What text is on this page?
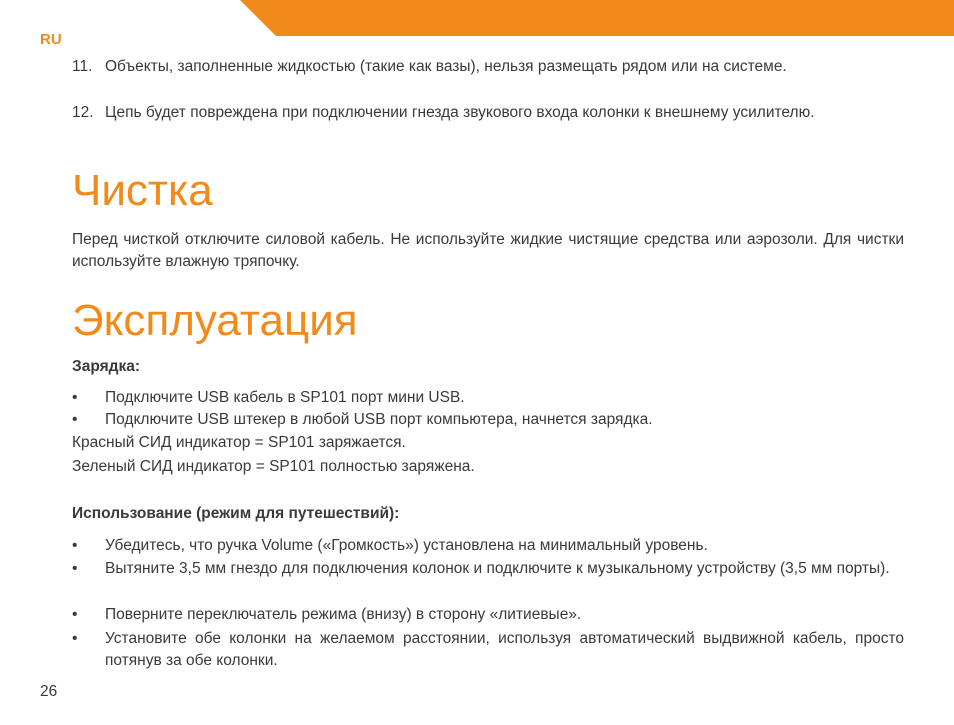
RU
11. Объекты, заполненные жидкостью (такие как вазы), нельзя размещать рядом или на системе.
12. Цепь будет повреждена при подключении гнезда звукового входа колонки к внешнему усилителю.
Чистка
Перед чисткой отключите силовой кабель. Не используйте жидкие чистящие средства или аэрозоли. Для чистки используйте влажную тряпочку.
Эксплуатация
Зарядка:
•	Подключите USB кабель в SP101 порт мини USB.
•	Подключите USB штекер в любой USB порт компьютера, начнется зарядка.
Красный СИД индикатор = SP101 заряжается.
Зеленый СИД индикатор = SP101 полностью заряжена.
Использование (режим для путешествий):
•	Убедитесь, что ручка Volume («Громкость») установлена на минимальный уровень.
•	Вытяните 3,5 мм гнездо для подключения колонок и подключите к музыкальному устройству (3,5 мм порты).
•	Поверните переключатель режима (внизу) в сторону «литиевые».
•	Установите обе колонки на желаемом расстоянии, используя автоматический выдвижной кабель, просто потянув за обе колонки.
26
